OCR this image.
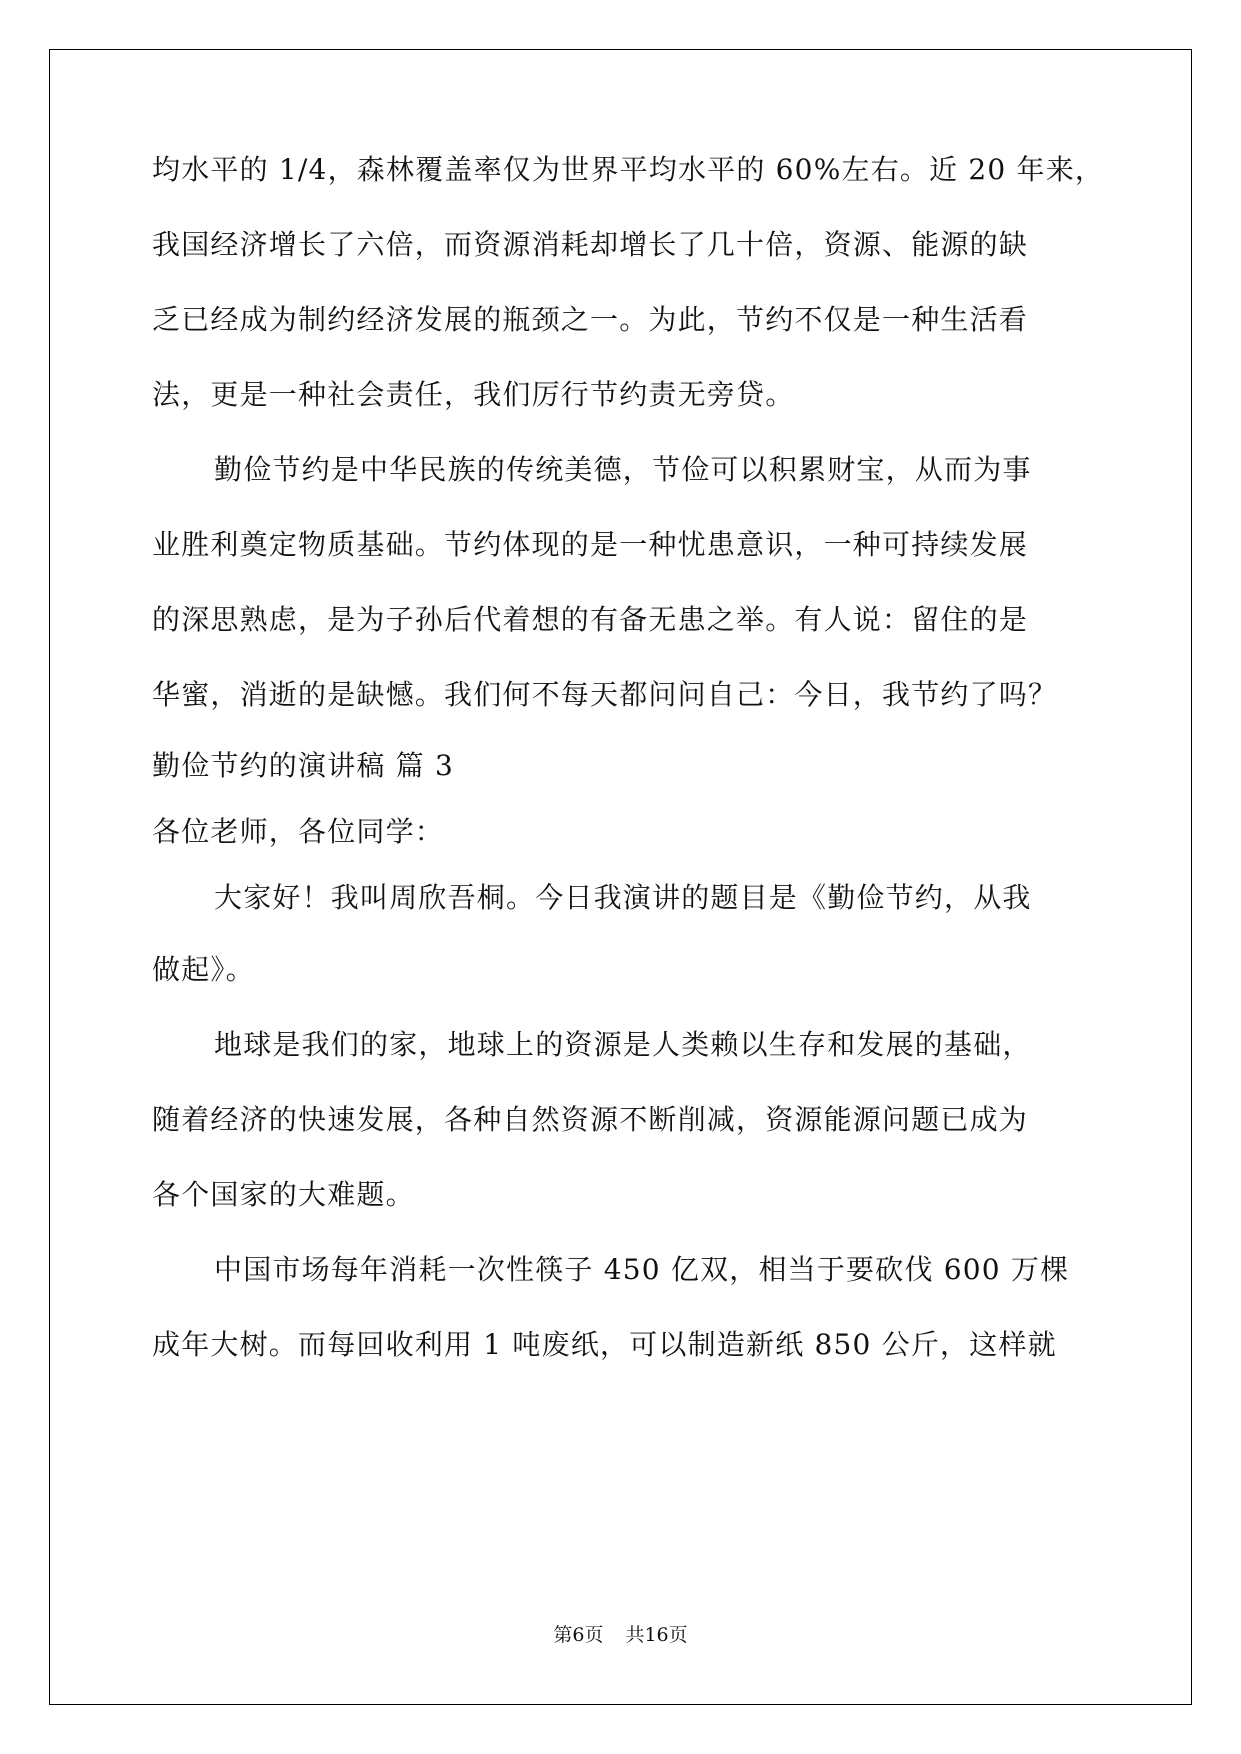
均水平的 1/4，森林覆盖率仅为世界平均水平的 60%左右。近 20 年来，
我国经济增长了六倍，而资源消耗却增长了几十倍，资源、能源的缺
乏已经成为制约经济发展的瓶颈之一。为此，节约不仅是一种生活看
法，更是一种社会责任，我们厉行节约责无旁贷。
勤俭节约是中华民族的传统美德，节俭可以积累财宝，从而为事
业胜利奠定物质基础。节约体现的是一种忧患意识，一种可持续发展
的深思熟虑，是为子孙后代着想的有备无患之举。有人说：留住的是
华蜜，消逝的是缺憾。我们何不每天都问问自己：今日，我节约了吗？
勤俭节约的演讲稿 篇 3
各位老师，各位同学：
大家好！我叫周欣吾桐。今日我演讲的题目是《勤俭节约，从我
做起》。
地球是我们的家，地球上的资源是人类赖以生存和发展的基础，
随着经济的快速发展，各种自然资源不断削减，资源能源问题已成为
各个国家的大难题。
中国市场每年消耗一次性筷子 450 亿双，相当于要砍伐 600 万棵
成年大树。而每回收利用 1 吨废纸，可以制造新纸 850 公斤，这样就
第6页 共16页
